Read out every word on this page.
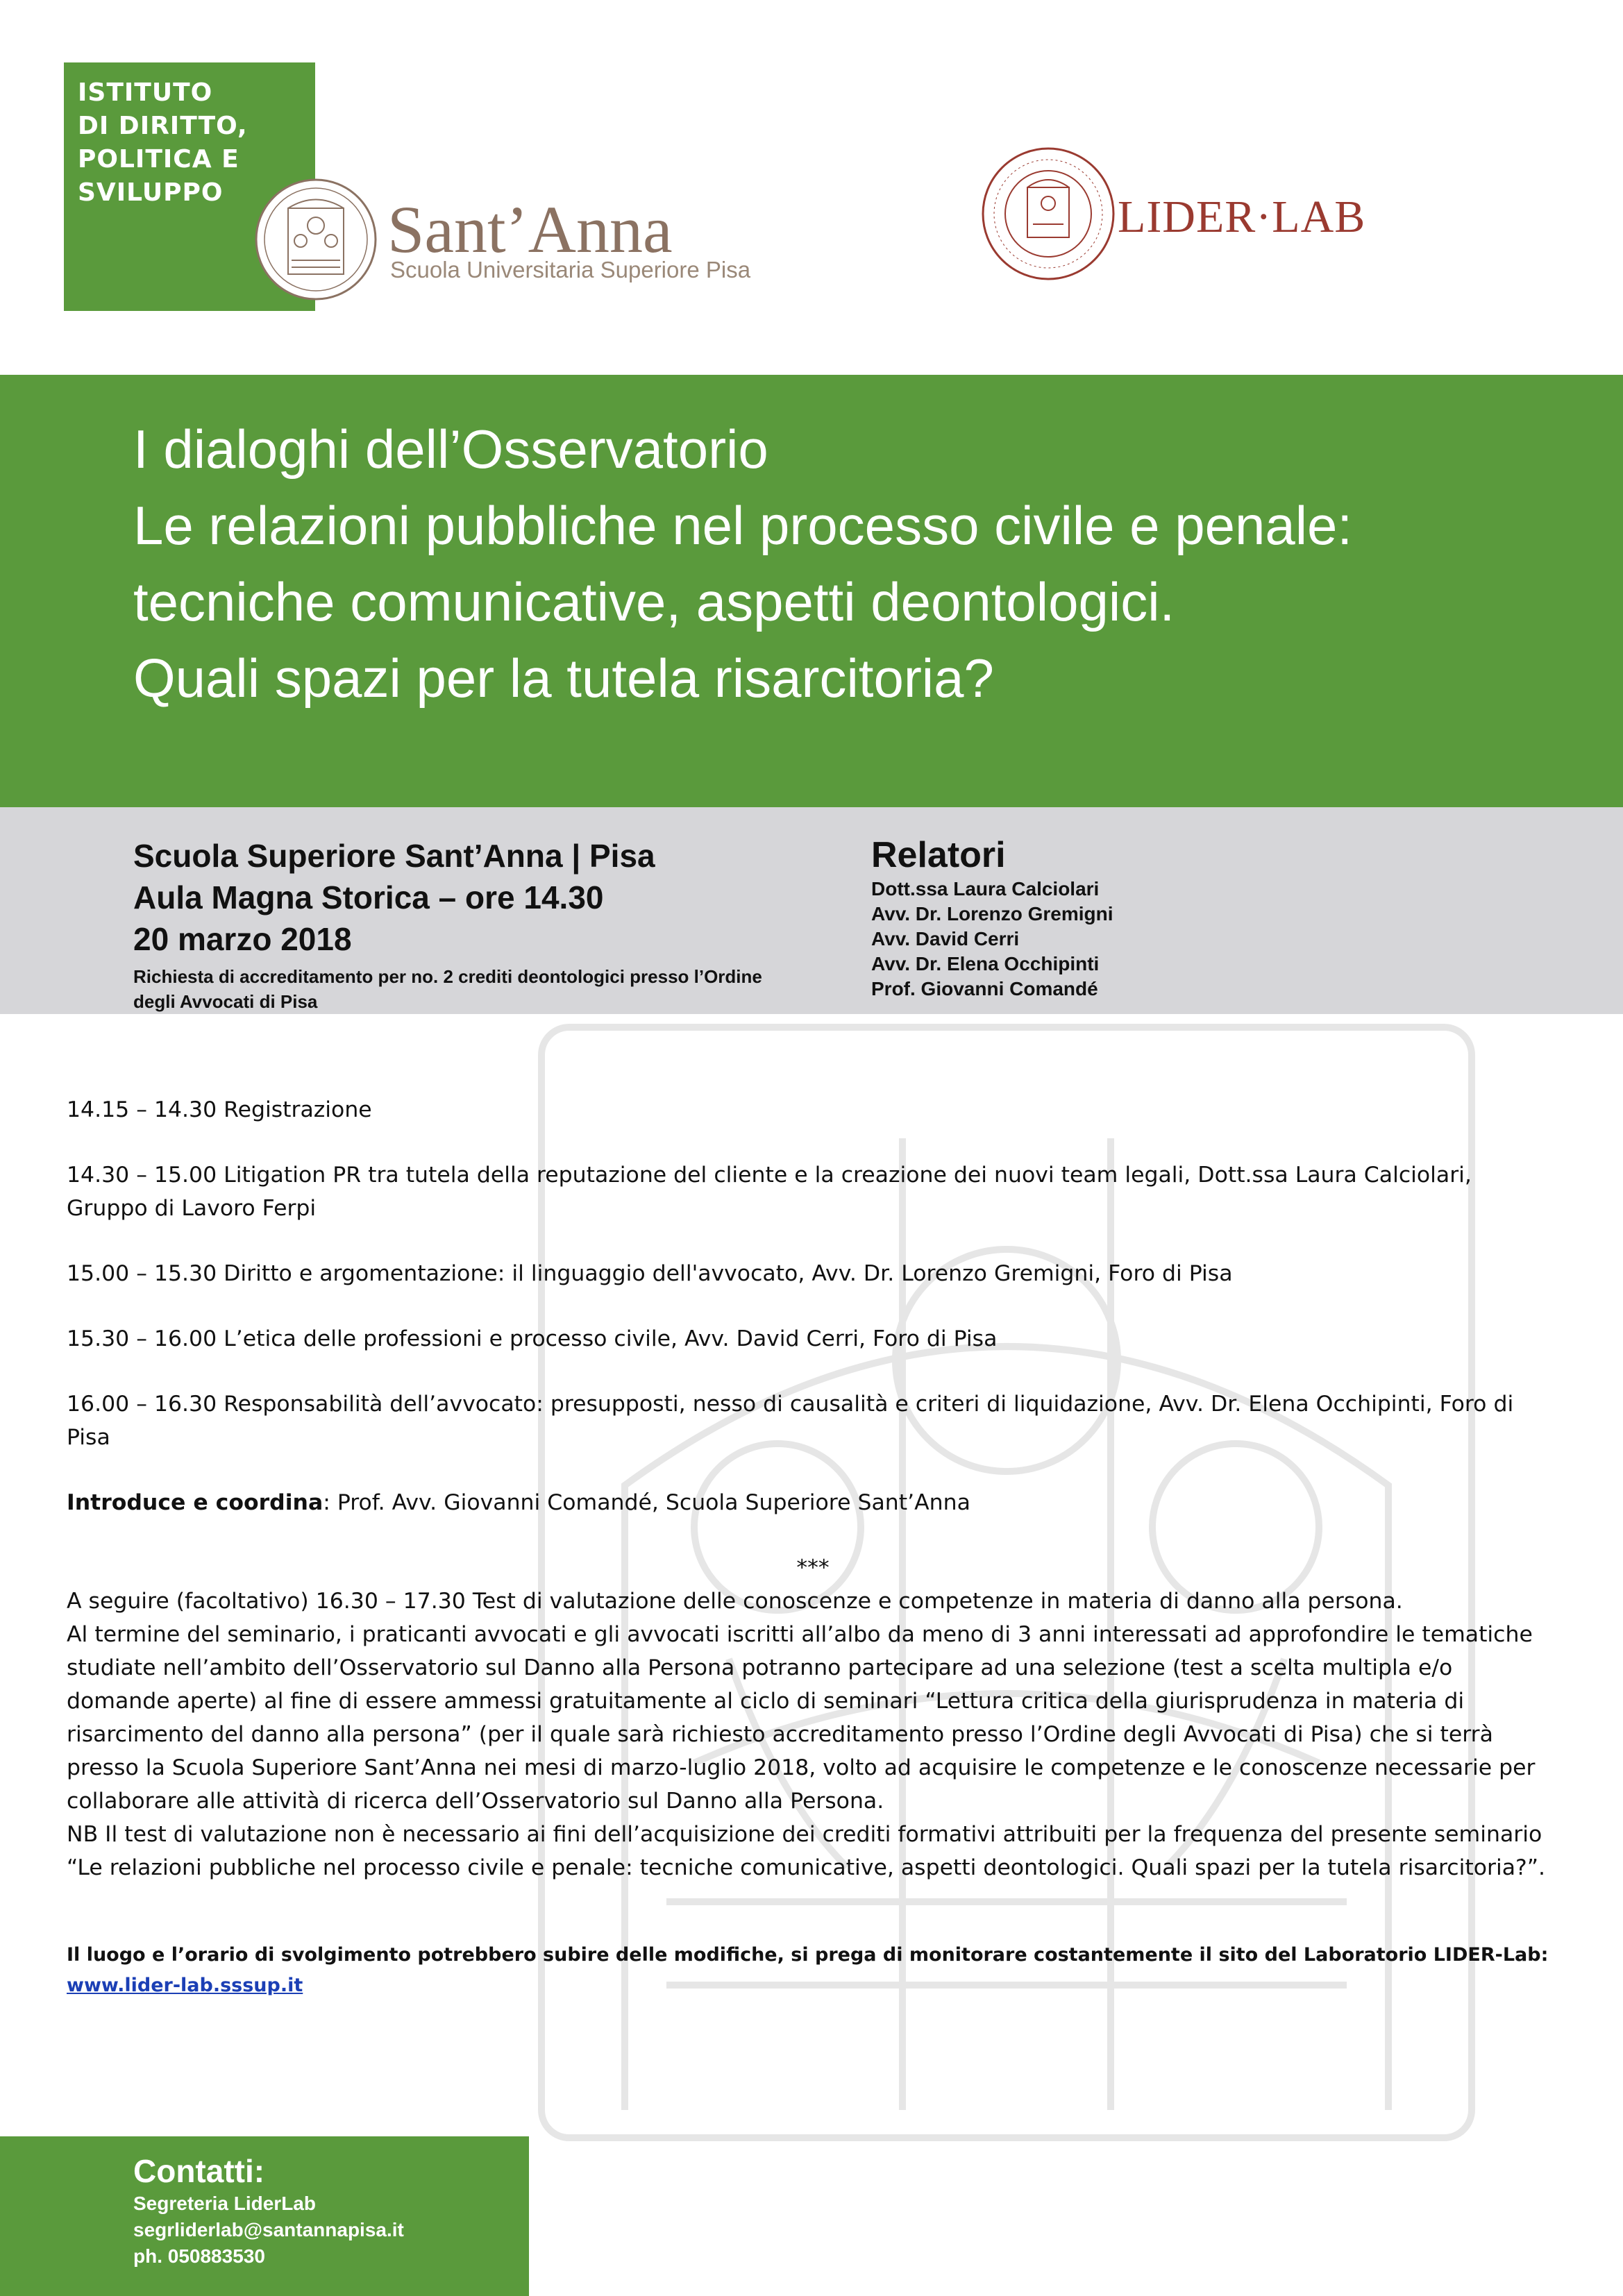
ISTITUTO
DI DIRITTO,
POLITICA E
SVILUPPO	Sant’Anna
Scuola Universitaria Superiore Pisa
LIDER·LAB
I dialoghi dell’Osservatorio
Le relazioni pubbliche nel processo civile e penale:
tecniche comunicative, aspetti deontologici.
Quali spazi per la tutela risarcitoria?
Scuola Superiore Sant’Anna | Pisa
Aula Magna Storica – ore 14.30
20 marzo 2018
Richiesta di accreditamento per no. 2 crediti deontologici presso l’Ordine degli Avvocati di Pisa
Relatori
Dott.ssa Laura Calciolari
Avv. Dr. Lorenzo Gremigni
Avv. David Cerri
Avv. Dr. Elena Occhipinti
Prof. Giovanni Comandé

14.15 – 14.30 Registrazione

14.30 – 15.00 Litigation PR tra tutela della reputazione del cliente e la creazione dei nuovi team legali, Dott.ssa Laura Calciolari, Gruppo di Lavoro Ferpi

15.00 – 15.30 Diritto e argomentazione: il linguaggio dell'avvocato, Avv. Dr. Lorenzo Gremigni, Foro di Pisa

15.30 – 16.00 L’etica delle professioni e processo civile, Avv. David Cerri, Foro di Pisa

16.00 – 16.30 Responsabilità dell’avvocato: presupposti, nesso di causalità e criteri di liquidazione, Avv. Dr. Elena Occhipinti, Foro di Pisa

Introduce e coordina: Prof. Avv. Giovanni Comandé, Scuola Superiore Sant’Anna

***

A seguire (facoltativo) 16.30 – 17.30 Test di valutazione delle conoscenze e competenze in materia di danno alla persona.

Al termine del seminario, i praticanti avvocati e gli avvocati iscritti all’albo da meno di 3 anni interessati ad approfondire le tematiche studiate nell’ambito dell’Osservatorio sul Danno alla Persona potranno partecipare ad una selezione (test a scelta multipla e/o domande aperte) al fine di essere ammessi gratuitamente al ciclo di seminari “Lettura critica della giurisprudenza in materia di risarcimento del danno alla persona” (per il quale sarà richiesto accreditamento presso l’Ordine degli Avvocati di Pisa) che si terrà presso la Scuola Superiore Sant’Anna nei mesi di marzo-luglio 2018, volto ad acquisire le competenze e le conoscenze necessarie per collaborare alle attività di ricerca dell’Osservatorio sul Danno alla Persona.

NB Il test di valutazione non è necessario ai fini dell’acquisizione dei crediti formativi attribuiti per la frequenza del presente seminario “Le relazioni pubbliche nel processo civile e penale: tecniche comunicative, aspetti deontologici. Quali spazi per la tutela risarcitoria?”.

Il luogo e l’orario di svolgimento potrebbero subire delle modifiche, si prega di monitorare costantemente il sito del Laboratorio LIDER-Lab:
www.lider-lab.sssup.it
Contatti:
Segreteria LiderLab
segrliderlab@santannapisa.it
ph. 050883530
